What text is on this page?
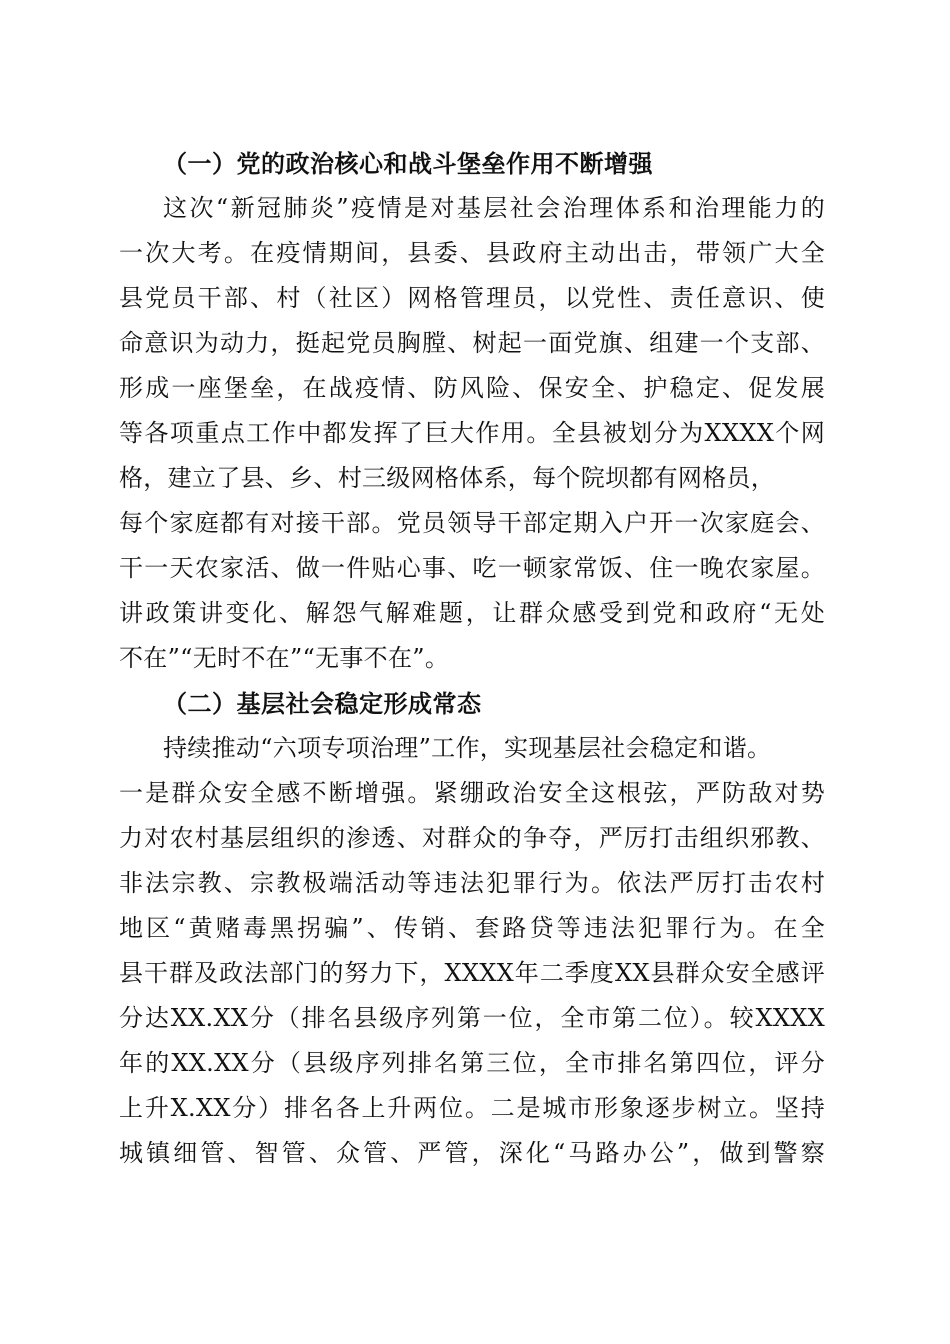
（一）党的政治核心和战斗堡垒作用不断增强
这次“新冠肺炎”疫情是对基层社会治理体系和治理能力的
一次大考。在疫情期间，县委、县政府主动出击，带领广大全
县党员干部、村（社区）网格管理员，以党性、责任意识、使
命意识为动力，挺起党员胸膛、树起一面党旗、组建一个支部、
形成一座堡垒，在战疫情、防风险、保安全、护稳定、促发展
等各项重点工作中都发挥了巨大作用。全县被划分为XXXX个网
格，建立了县、乡、村三级网格体系，每个院坝都有网格员，
每个家庭都有对接干部。党员领导干部定期入户开一次家庭会、
干一天农家活、做一件贴心事、吃一顿家常饭、住一晚农家屋。
讲政策讲变化、解怨气解难题，让群众感受到党和政府“无处
不在”“无时不在”“无事不在”。
（二）基层社会稳定形成常态
持续推动“六项专项治理”工作，实现基层社会稳定和谐。
一是群众安全感不断增强。紧绷政治安全这根弦，严防敌对势
力对农村基层组织的渗透、对群众的争夺，严厉打击组织邪教、
非法宗教、宗教极端活动等违法犯罪行为。依法严厉打击农村
地区“黄赌毒黑拐骗”、传销、套路贷等违法犯罪行为。在全
县干群及政法部门的努力下，XXXX年二季度XX县群众安全感评
分达XX.XX分（排名县级序列第一位，全市第二位）。较XXXX
年的XX.XX分（县级序列排名第三位，全市排名第四位，评分
上升X.XX分）排名各上升两位。二是城市形象逐步树立。坚持
城镇细管、智管、众管、严管，深化“马路办公”，做到警察
